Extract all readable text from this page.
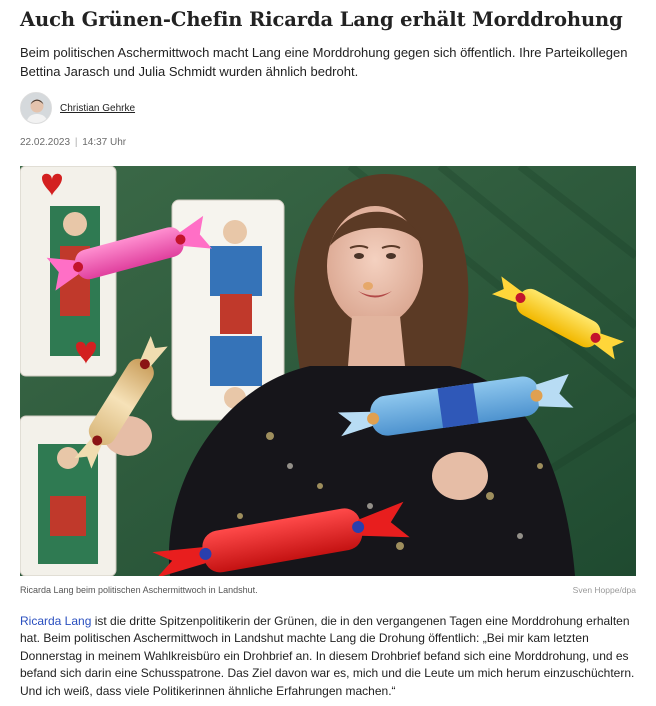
Auch Grünen-Chefin Ricarda Lang erhält Morddrohung

Beim politischen Aschermittwoch macht Lang eine Morddrohung gegen sich öffentlich. Ihre Parteikollegen Bettina Jarasch und Julia Schmidt wurden ähnlich bedroht.

Christian Gehrke
22.02.2023 | 14:37 Uhr
Ricarda Lang beim politischen Aschermittwoch in Landshut.	Sven Hoppe/dpa

Ricarda Lang ist die dritte Spitzenpolitikerin der Grünen, die in den vergangenen Tagen eine Morddrohung erhalten hat. Beim politischen Aschermittwoch in Landshut machte Lang die Drohung öffentlich: „Bei mir kam letzten Donnerstag in meinem Wahlkreisbüro ein Drohbrief an. In diesem Drohbrief befand sich eine Morddrohung, und es befand sich darin eine Schusspatrone. Das Ziel davon war es, mich und die Leute um mich herum einzuschüchtern. Und ich weiß, dass viele Politikerinnen ähnliche Erfahrungen machen.“
